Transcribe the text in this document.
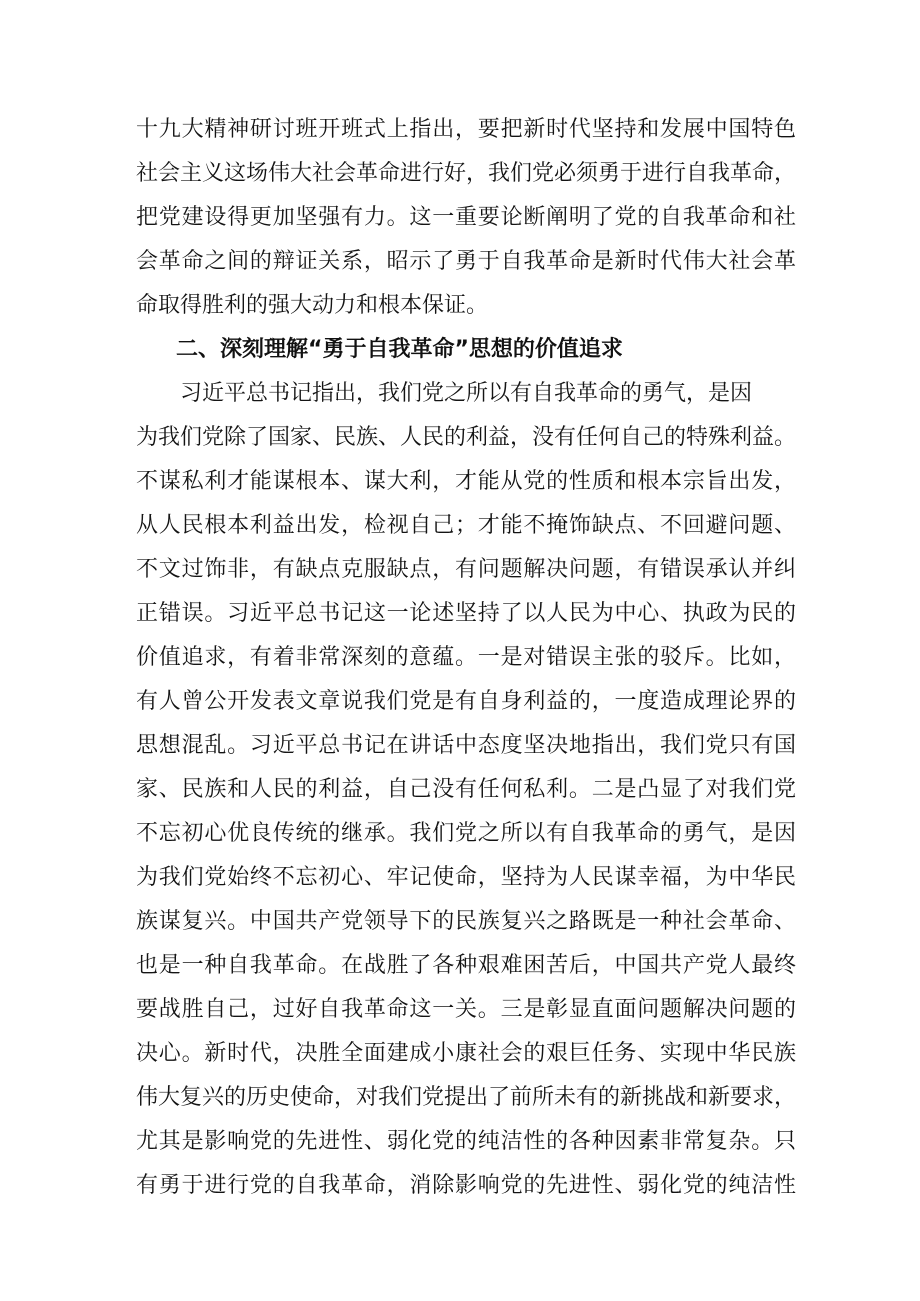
十九大精神研讨班开班式上指出，要把新时代坚持和发展中国特色
社会主义这场伟大社会革命进行好，我们党必须勇于进行自我革命，
把党建设得更加坚强有力。这一重要论断阐明了党的自我革命和社
会革命之间的辩证关系，昭示了勇于自我革命是新时代伟大社会革
命取得胜利的强大动力和根本保证。
二、深刻理解“勇于自我革命”思想的价值追求
习近平总书记指出，我们党之所以有自我革命的勇气，是因
为我们党除了国家、民族、人民的利益，没有任何自己的特殊利益。
不谋私利才能谋根本、谋大利，才能从党的性质和根本宗旨出发，
从人民根本利益出发，检视自己；才能不掩饰缺点、不回避问题、
不文过饰非，有缺点克服缺点，有问题解决问题，有错误承认并纠
正错误。习近平总书记这一论述坚持了以人民为中心、执政为民的
价值追求，有着非常深刻的意蕴。一是对错误主张的驳斥。比如，
有人曾公开发表文章说我们党是有自身利益的，一度造成理论界的
思想混乱。习近平总书记在讲话中态度坚决地指出，我们党只有国
家、民族和人民的利益，自己没有任何私利。二是凸显了对我们党
不忘初心优良传统的继承。我们党之所以有自我革命的勇气，是因
为我们党始终不忘初心、牢记使命，坚持为人民谋幸福，为中华民
族谋复兴。中国共产党领导下的民族复兴之路既是一种社会革命、
也是一种自我革命。在战胜了各种艰难困苦后，中国共产党人最终
要战胜自己，过好自我革命这一关。三是彰显直面问题解决问题的
决心。新时代，决胜全面建成小康社会的艰巨任务、实现中华民族
伟大复兴的历史使命，对我们党提出了前所未有的新挑战和新要求，
尤其是影响党的先进性、弱化党的纯洁性的各种因素非常复杂。只
有勇于进行党的自我革命，消除影响党的先进性、弱化党的纯洁性
